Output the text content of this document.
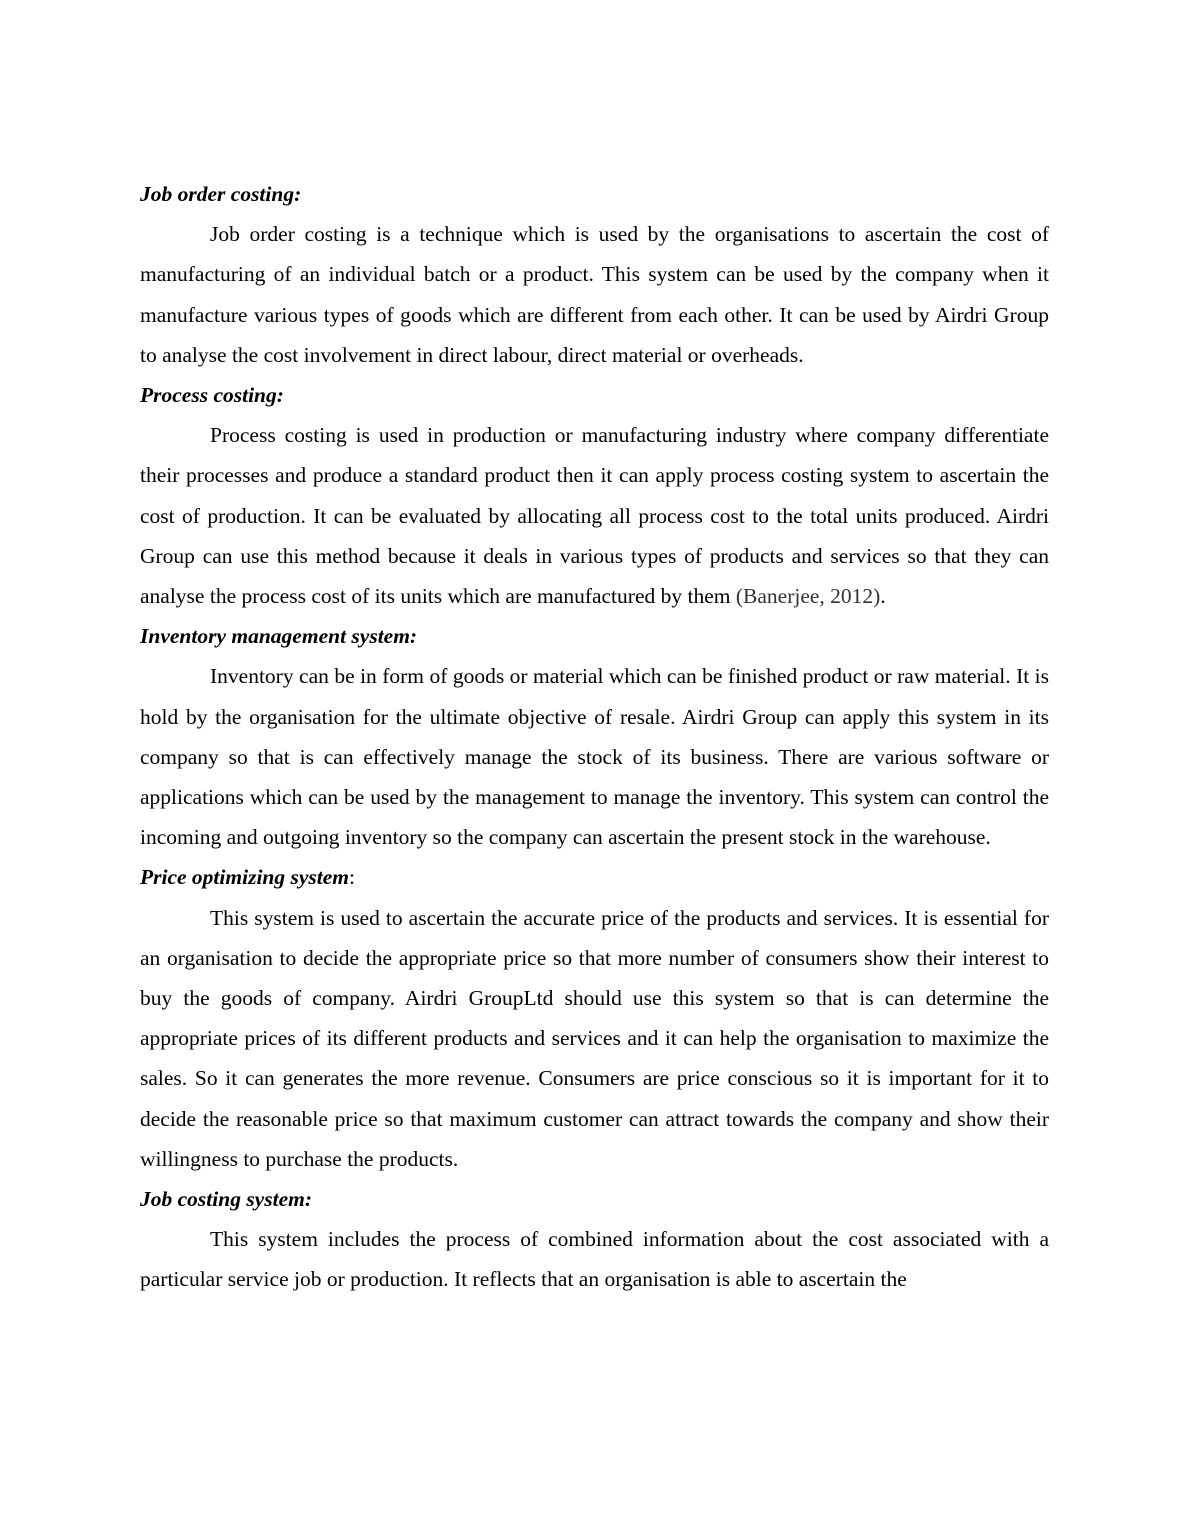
Job order costing:

Job order costing is a technique which is used by the organisations to ascertain the cost of manufacturing of an individual batch or a product. This system can be used by the company when it manufacture various types of goods which are different from each other. It can be used by Airdri Group to analyse the cost involvement in direct labour, direct material or overheads.

Process costing:

Process costing is used in production or manufacturing industry where company differentiate their processes and produce a standard product then it can apply process costing system to ascertain the cost of production. It can be evaluated by allocating all process cost to the total units produced. Airdri Group can use this method because it deals in various types of products and services so that they can analyse the process cost of its units which are manufactured by them (Banerjee, 2012).

Inventory management system:

Inventory can be in form of goods or material which can be finished product or raw material. It is hold by the organisation for the ultimate objective of resale. Airdri Group can apply this system in its company so that is can effectively manage the stock of its business. There are various software or applications which can be used by the management to manage the inventory. This system can control the incoming and outgoing inventory so the company can ascertain the present stock in the warehouse.

Price optimizing system:

This system is used to ascertain the accurate price of the products and services. It is essential for an organisation to decide the appropriate price so that more number of consumers show their interest to buy the goods of company. Airdri GroupLtd should use this system so that is can determine the appropriate prices of its different products and services and it can help the organisation to maximize the sales. So it can generates the more revenue. Consumers are price conscious so it is important for it to decide the reasonable price so that maximum customer can attract towards the company and show their willingness to purchase the products.

Job costing system:

This system includes the process of combined information about the cost associated with a particular service job or production. It reflects that an organisation is able to ascertain the
